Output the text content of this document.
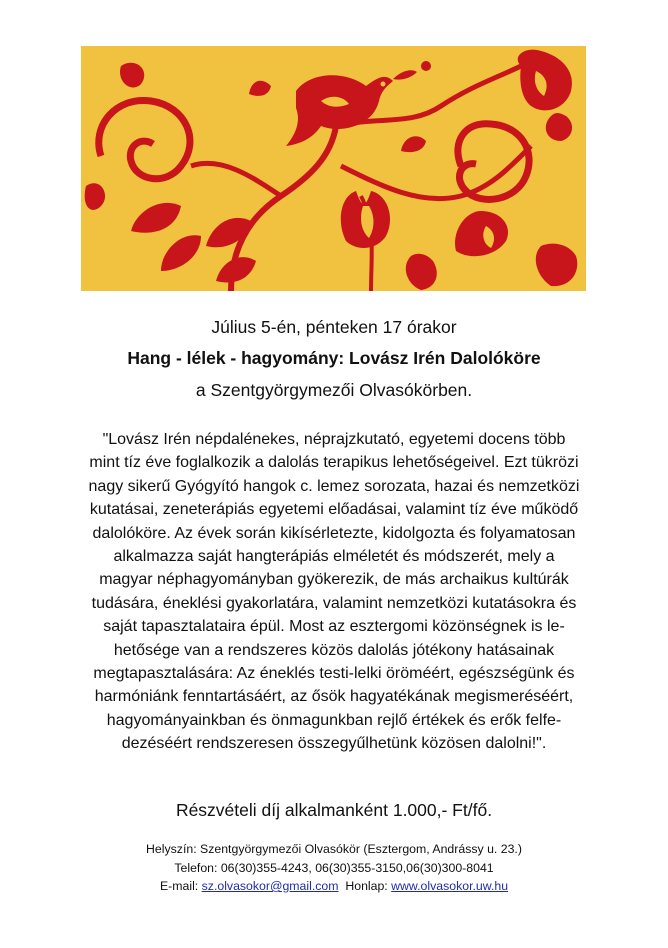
Július 5-én, pénteken 17 órakor
Hang - lélek - hagyomány: Lovász Irén Dalolóköre
a Szentgyörgymezői Olvasókörben.

"Lovász Irén népdalénekes, néprajzkutató, egyetemi docens több
mint tíz éve foglalkozik a dalolás terapikus lehetőségeivel. Ezt tükrözi
nagy sikerű Gyógyító hangok c. lemez sorozata, hazai és nemzetközi
kutatásai, zeneterápiás egyetemi előadásai, valamint tíz éve működő
dalolóköre. Az évek során kikísérletezte, kidolgozta és folyamatosan
alkalmazza saját hangterápiás elméletét és módszerét, mely a
magyar néphagyományban gyökerezik, de más archaikus kultúrák
tudására, éneklési gyakorlatára, valamint nemzetközi kutatásokra és
saját tapasztalataira épül. Most az esztergomi közönségnek is le-
hetősége van a rendszeres közös dalolás jótékony hatásainak
megtapasztalására: Az éneklés testi-lelki öröméért, egészségünk és
harmóniánk fenntartásáért, az ősök hagyatékának megismeréséért,
hagyományainkban és önmagunkban rejlő értékek és erők felfe-
dezéséért rendszeresen összegyűlhetünk közösen dalolni!".

Részvételi díj alkalmanként 1.000,- Ft/fő.
Helyszín: Szentgyörgymezői Olvasókör (Esztergom, Andrássy u. 23.)
Telefon: 06(30)355-4243, 06(30)355-3150,06(30)300-8041
E-mail: sz.olvasokor@gmail.com Honlap: www.olvasokor.uw.hu
